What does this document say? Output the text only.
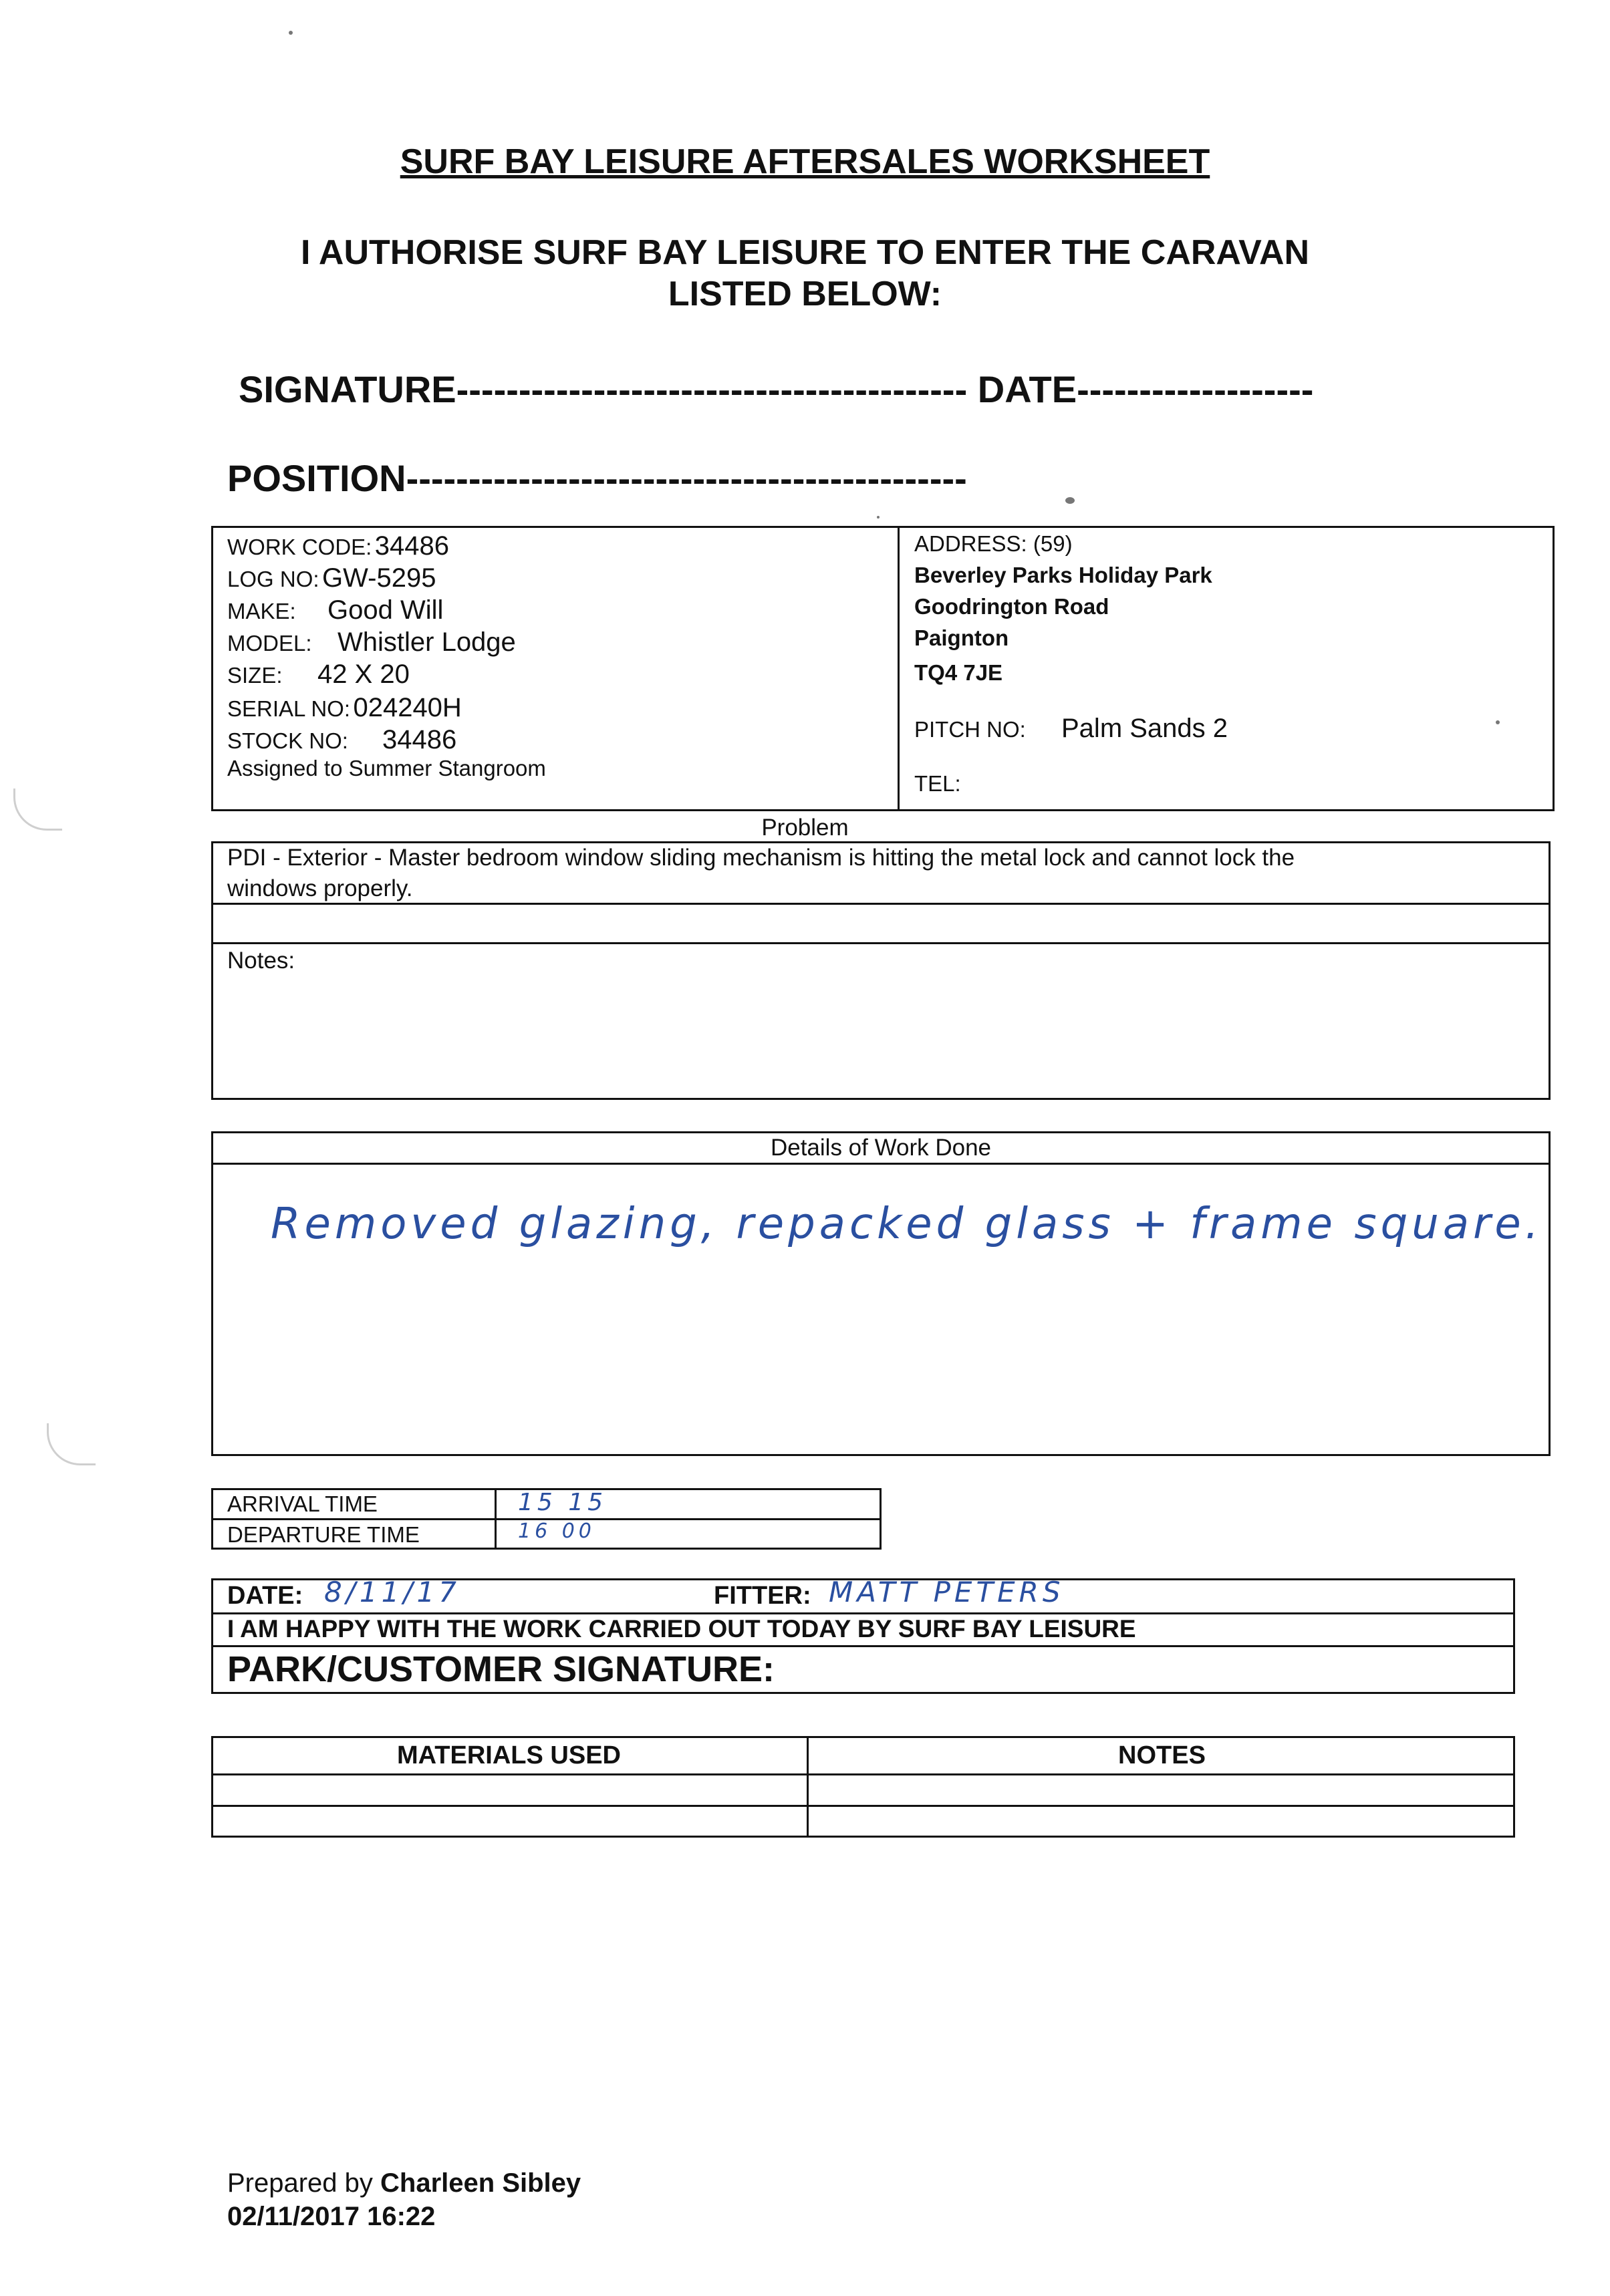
SURF BAY LEISURE AFTERSALES WORKSHEET
I AUTHORISE SURF BAY LEISURE TO ENTER THE CARAVAN
LISTED BELOW:
SIGNATURE----------------------------------------- DATE-------------------
POSITION---------------------------------------------
WORK CODE: 34486
LOG NO: GW-5295
MAKE: Good Will
MODEL: Whistler Lodge
SIZE: 42 X 20
SERIAL NO: 024240H
STOCK NO: 34486
Assigned to Summer Stangroom
ADDRESS: (59)
Beverley Parks Holiday Park
Goodrington Road
Paignton
TQ4 7JE
PITCH NO: Palm Sands 2
TEL:
Problem
PDI - Exterior - Master bedroom window sliding mechanism is hitting the metal lock and cannot lock the
windows properly.
Notes:
Details of Work Done
Removed glazing, repacked glass + frame square.
ARRIVAL TIME
DEPARTURE TIME
15 15
16 00
DATE: 8/11/17	FITTER: MATT PETERS
I AM HAPPY WITH THE WORK CARRIED OUT TODAY BY SURF BAY LEISURE
PARK/CUSTOMER SIGNATURE:
MATERIALS USED	NOTES
Prepared by Charleen Sibley
02/11/2017 16:22
